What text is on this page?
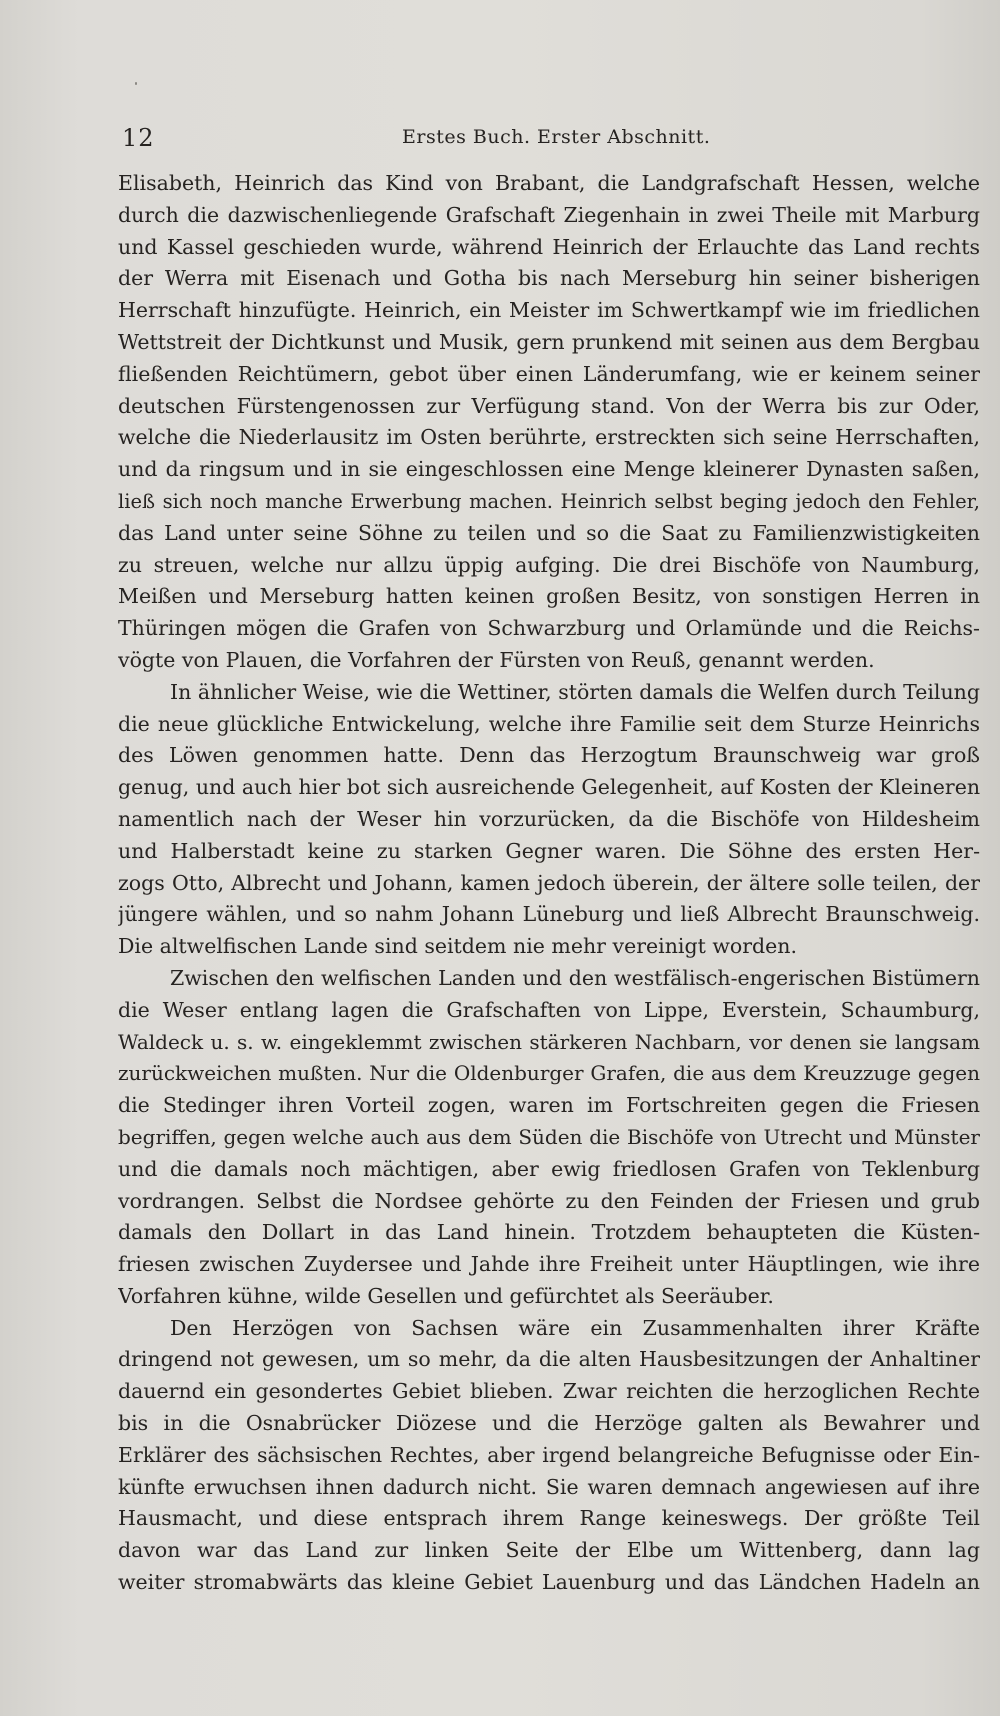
12	Erstes Buch. Erster Abschnitt.
Elisabeth, Heinrich das Kind von Brabant, die Landgrafschaft Hessen, welche
durch die dazwischenliegende Grafschaft Ziegenhain in zwei Theile mit Marburg
und Kassel geschieden wurde, während Heinrich der Erlauchte das Land rechts
der Werra mit Eisenach und Gotha bis nach Merseburg hin seiner bisherigen
Herrschaft hinzufügte. Heinrich, ein Meister im Schwertkampf wie im friedlichen
Wettstreit der Dichtkunst und Musik, gern prunkend mit seinen aus dem Bergbau
fließenden Reichtümern, gebot über einen Länderumfang, wie er keinem seiner
deutschen Fürstengenossen zur Verfügung stand. Von der Werra bis zur Oder,
welche die Niederlausitz im Osten berührte, erstreckten sich seine Herrschaften,
und da ringsum und in sie eingeschlossen eine Menge kleinerer Dynasten saßen,
ließ sich noch manche Erwerbung machen. Heinrich selbst beging jedoch den Fehler,
das Land unter seine Söhne zu teilen und so die Saat zu Familienzwistigkeiten
zu streuen, welche nur allzu üppig aufging. Die drei Bischöfe von Naumburg,
Meißen und Merseburg hatten keinen großen Besitz, von sonstigen Herren in
Thüringen mögen die Grafen von Schwarzburg und Orlamünde und die Reichs-
vögte von Plauen, die Vorfahren der Fürsten von Reuß, genannt werden.
In ähnlicher Weise, wie die Wettiner, störten damals die Welfen durch Teilung
die neue glückliche Entwickelung, welche ihre Familie seit dem Sturze Heinrichs
des Löwen genommen hatte. Denn das Herzogtum Braunschweig war groß
genug, und auch hier bot sich ausreichende Gelegenheit, auf Kosten der Kleineren
namentlich nach der Weser hin vorzurücken, da die Bischöfe von Hildesheim
und Halberstadt keine zu starken Gegner waren. Die Söhne des ersten Her-
zogs Otto, Albrecht und Johann, kamen jedoch überein, der ältere solle teilen, der
jüngere wählen, und so nahm Johann Lüneburg und ließ Albrecht Braunschweig.
Die altwelfischen Lande sind seitdem nie mehr vereinigt worden.
Zwischen den welfischen Landen und den westfälisch-engerischen Bistümern
die Weser entlang lagen die Grafschaften von Lippe, Everstein, Schaumburg,
Waldeck u. s. w. eingeklemmt zwischen stärkeren Nachbarn, vor denen sie langsam
zurückweichen mußten. Nur die Oldenburger Grafen, die aus dem Kreuzzuge gegen
die Stedinger ihren Vorteil zogen, waren im Fortschreiten gegen die Friesen
begriffen, gegen welche auch aus dem Süden die Bischöfe von Utrecht und Münster
und die damals noch mächtigen, aber ewig friedlosen Grafen von Teklenburg
vordrangen. Selbst die Nordsee gehörte zu den Feinden der Friesen und grub
damals den Dollart in das Land hinein. Trotzdem behaupteten die Küsten-
friesen zwischen Zuydersee und Jahde ihre Freiheit unter Häuptlingen, wie ihre
Vorfahren kühne, wilde Gesellen und gefürchtet als Seeräuber.
Den Herzögen von Sachsen wäre ein Zusammenhalten ihrer Kräfte
dringend not gewesen, um so mehr, da die alten Hausbesitzungen der Anhaltiner
dauernd ein gesondertes Gebiet blieben. Zwar reichten die herzoglichen Rechte
bis in die Osnabrücker Diözese und die Herzöge galten als Bewahrer und
Erklärer des sächsischen Rechtes, aber irgend belangreiche Befugnisse oder Ein-
künfte erwuchsen ihnen dadurch nicht. Sie waren demnach angewiesen auf ihre
Hausmacht, und diese entsprach ihrem Range keineswegs. Der größte Teil
davon war das Land zur linken Seite der Elbe um Wittenberg, dann lag
weiter stromabwärts das kleine Gebiet Lauenburg und das Ländchen Hadeln an
